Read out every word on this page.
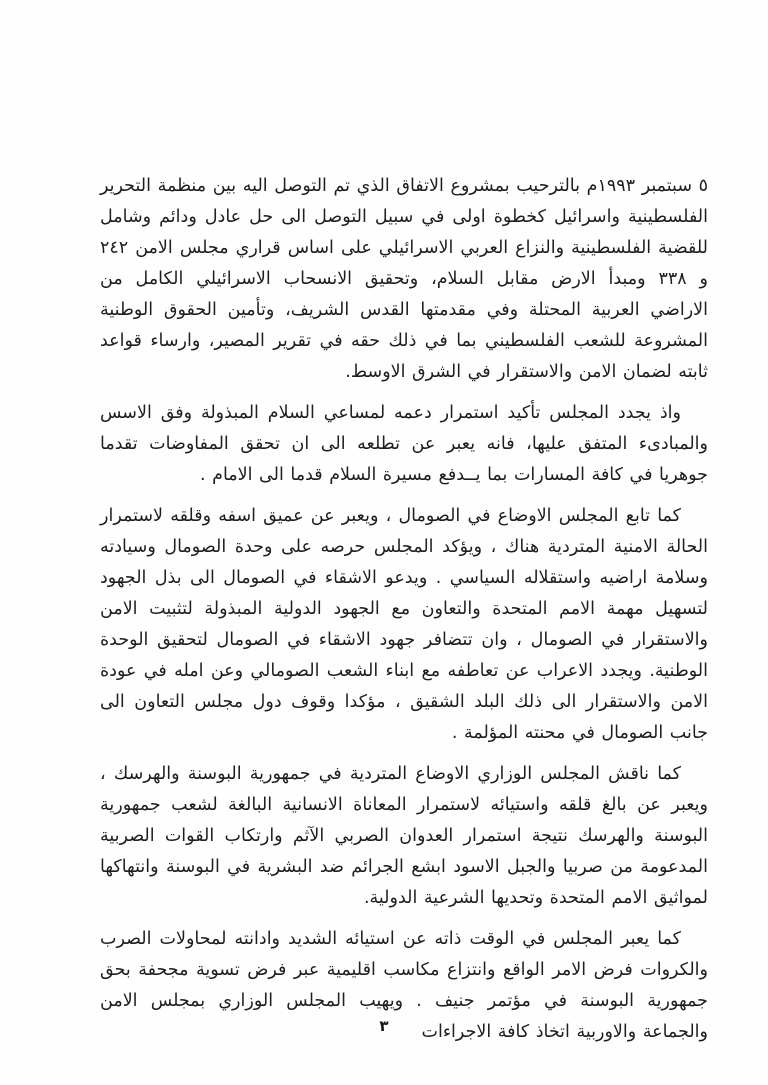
٥ سبتمبر ١٩٩٣م بالترحيب بمشروع الاتفاق الذي تم التوصل اليه بين منظمة التحرير الفلسطينية واسرائيل كخطوة اولى في سبيل التوصل الى حل عادل ودائم وشامل للقضية الفلسطينية والنزاع العربي الاسرائيلي على اساس قراري مجلس الامن ٢٤٢ و ٣٣٨ ومبدأ الارض مقابل السلام، وتحقيق الانسحاب الاسرائيلي الكامل من الاراضي العربية المحتلة وفي مقدمتها القدس الشريف، وتأمين الحقوق الوطنية المشروعة للشعب الفلسطيني بما في ذلك حقه في تقرير المصير، وارساء قواعد ثابته لضمان الامن والاستقرار في الشرق الاوسط.

واذ يجدد المجلس تأكيد استمرار دعمه لمساعي السلام المبذولة وفق الاسس والمبادىء المتفق عليها، فانه يعبر عن تطلعه الى ان تحقق المفاوضات تقدما جوهريا في كافة المسارات بما يــدفع مسيرة السلام قدما الى الامام .

كما تابع المجلس الاوضاع في الصومال ، ويعبر عن عميق اسفه وقلقه لاستمرار الحالة الامنية المتردية هناك ، ويؤكد المجلس حرصه على وحدة الصومال وسيادته وسلامة اراضيه واستقلاله السياسي . ويدعو الاشقاء في الصومال الى بذل الجهود لتسهيل مهمة الامم المتحدة والتعاون مع الجهود الدولية المبذولة لتثبيت الامن والاستقرار في الصومال ، وان تتضافر جهود الاشقاء في الصومال لتحقيق الوحدة الوطنية. ويجدد الاعراب عن تعاطفه مع ابناء الشعب الصومالي وعن امله في عودة الامن والاستقرار الى ذلك البلد الشقيق ، مؤكدا وقوف دول مجلس التعاون الى جانب الصومال في محنته المؤلمة .

كما ناقش المجلس الوزاري الاوضاع المتردية في جمهورية البوسنة والهرسك ، ويعبر عن بالغ قلقه واستيائه لاستمرار المعاناة الانسانية البالغة لشعب جمهورية البوسنة والهرسك نتيجة استمرار العدوان الصربي الآثم وارتكاب القوات الصربية المدعومة من صربيا والجبل الاسود ابشع الجرائم ضد البشرية في البوسنة وانتهاكها لمواثيق الامم المتحدة وتحديها الشرعية الدولية.

كما يعبر المجلس في الوقت ذاته عن استيائه الشديد وادانته لمحاولات الصرب والكروات فرض الامر الواقع وانتزاع مكاسب اقليمية عبر فرض تسوية مجحفة بحق جمهورية البوسنة في مؤتمر جنيف . ويهيب المجلس الوزاري بمجلس الامن والجماعة والاوربية اتخاذ كافة الاجراءات

٣
